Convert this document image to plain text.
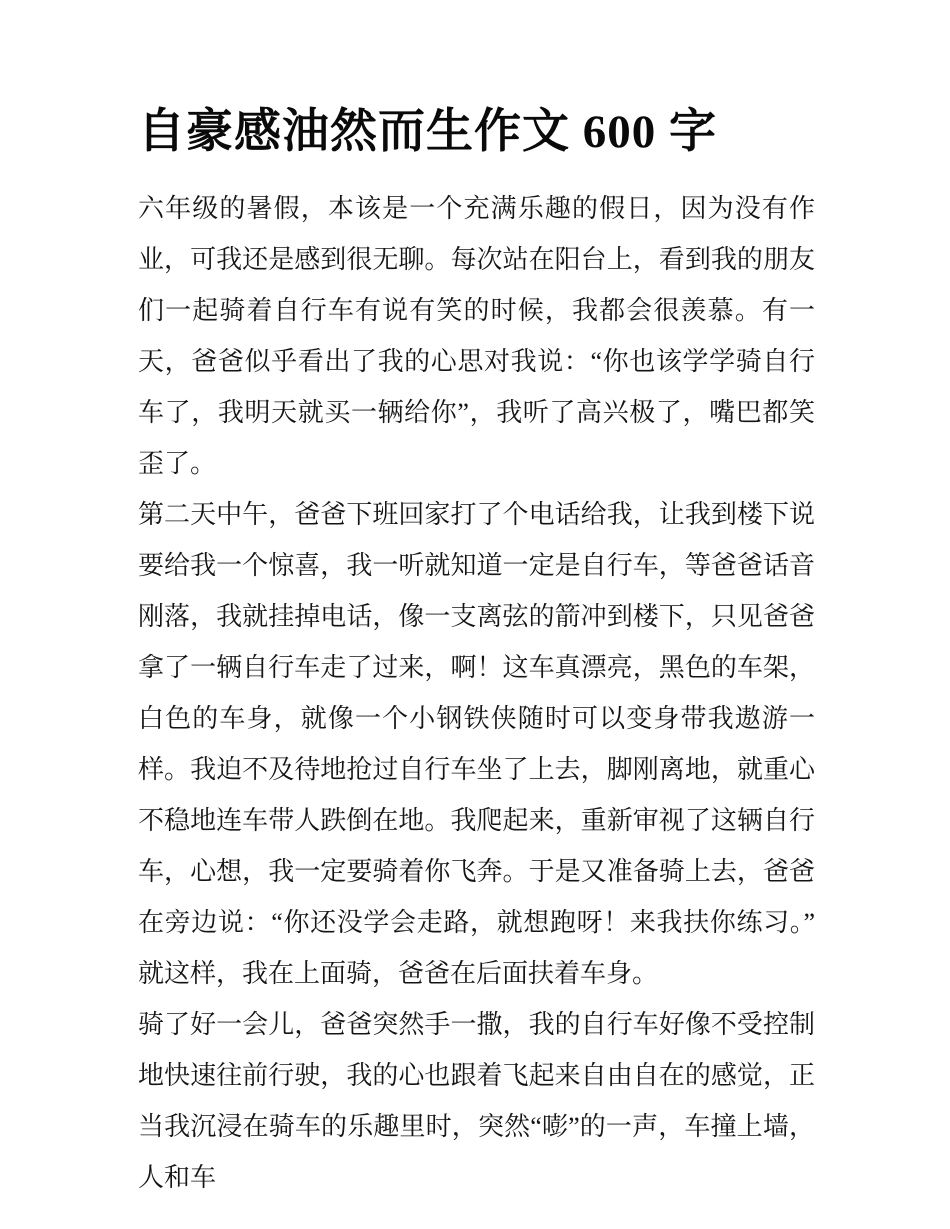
自豪感油然而生作文 600 字

六年级的暑假，本该是一个充满乐趣的假日，因为没有作业，可我还是感到很无聊。每次站在阳台上，看到我的朋友们一起骑着自行车有说有笑的时候，我都会很羡慕。有一天，爸爸似乎看出了我的心思对我说：“你也该学学骑自行车了，我明天就买一辆给你”，我听了高兴极了，嘴巴都笑歪了。

第二天中午，爸爸下班回家打了个电话给我，让我到楼下说要给我一个惊喜，我一听就知道一定是自行车，等爸爸话音刚落，我就挂掉电话，像一支离弦的箭冲到楼下，只见爸爸拿了一辆自行车走了过来，啊！这车真漂亮，黑色的车架，白色的车身，就像一个小钢铁侠随时可以变身带我遨游一样。我迫不及待地抢过自行车坐了上去，脚刚离地，就重心不稳地连车带人跌倒在地。我爬起来，重新审视了这辆自行车，心想，我一定要骑着你飞奔。于是又准备骑上去，爸爸在旁边说：“你还没学会走路，就想跑呀！来我扶你练习。”就这样，我在上面骑，爸爸在后面扶着车身。

骑了好一会儿，爸爸突然手一撒，我的自行车好像不受控制地快速往前行驶，我的心也跟着飞起来自由自在的感觉，正当我沉浸在骑车的乐趣里时，突然“嘭”的一声，车撞上墙，人和车
